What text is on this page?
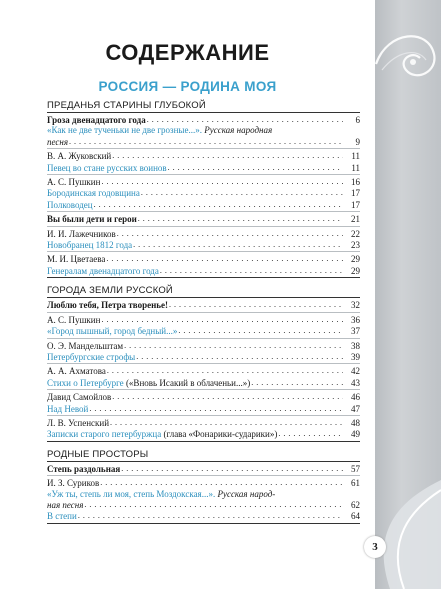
3
СОДЕРЖАНИЕ
РОССИЯ — РОДИНА МОЯ
ПРЕДАНЬЯ СТАРИНЫ ГЛУБОКОЙ
Гроза двенадцатого года . . .	6
«Как не две тученьки не две грозные...». Русская народная
песня . . .	9
В. А. Жуковский . . .	11
Певец во стане русских воинов . . .	11
А. С. Пушкин . . .	16
Бородинская годовщина . . .	17
Полководец . . .	17
Вы были дети и герои . . .	21
И. И. Лажечников . . .	22
Новобранец 1812 года . . .	23
М. И. Цветаева . . .	29
Генералам двенадцатого года . . .	29
ГОРОДА ЗЕМЛИ РУССКОЙ
Люблю тебя, Петра творенье! . . .	32
А. С. Пушкин . . .	36
«Город пышный, город бедный...» . . .	37
О. Э. Мандельштам . . .	38
Петербургские строфы . . .	39
А. А. Ахматова . . .	42
Стихи о Петербурге («Вновь Исакий в облаченьи...») . . .	43
Давид Самойлов . . .	46
Над Невой . . .	47
Л. В. Успенский . . .	48
Записки старого петербуржца (глава «Фонарики-сударики») . . .	49
РОДНЫЕ ПРОСТОРЫ
Степь раздольная . . .	57
И. З. Суриков . . .	61
«Уж ты, степь ли моя, степь Моздокская...». Русская народ-
ная песня . . .	62
В степи . . .	64
